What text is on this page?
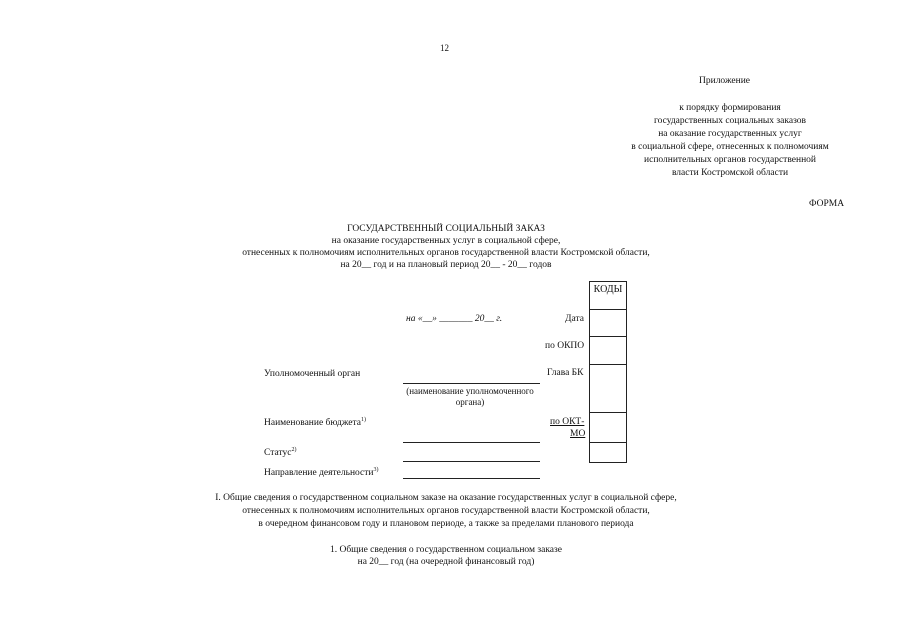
12
Приложение
к порядку формирования
государственных социальных заказов
на оказание государственных услуг
в социальной сфере, отнесенных к полномочиям
исполнительных органов государственной
власти Костромской области
ФОРМА
ГОСУДАРСТВЕННЫЙ СОЦИАЛЬНЫЙ ЗАКАЗ
на оказание государственных услуг в социальной сфере,
отнесенных к полномочиям исполнительных органов государственной власти Костромской области,
на 20__ год и на плановый период 20__ - 20__ годов
на «__» _______ 20__ г.	Дата
по ОКПО
Глава БК
по ОКТ-
МО
КОДЫ
Уполномоченный орган
(наименование уполномоченного
органа)
Наименование бюджета$^{1)}$
Статус$^{2)}$
Направление деятельности$^{3)}$
I. Общие сведения о государственном социальном заказе на оказание государственных услуг в социальной сфере,
отнесенных к полномочиям исполнительных органов государственной власти Костромской области,
в очередном финансовом году и плановом периоде, а также за пределами планового периода
1. Общие сведения о государственном социальном заказе
на 20__ год (на очередной финансовый год)
